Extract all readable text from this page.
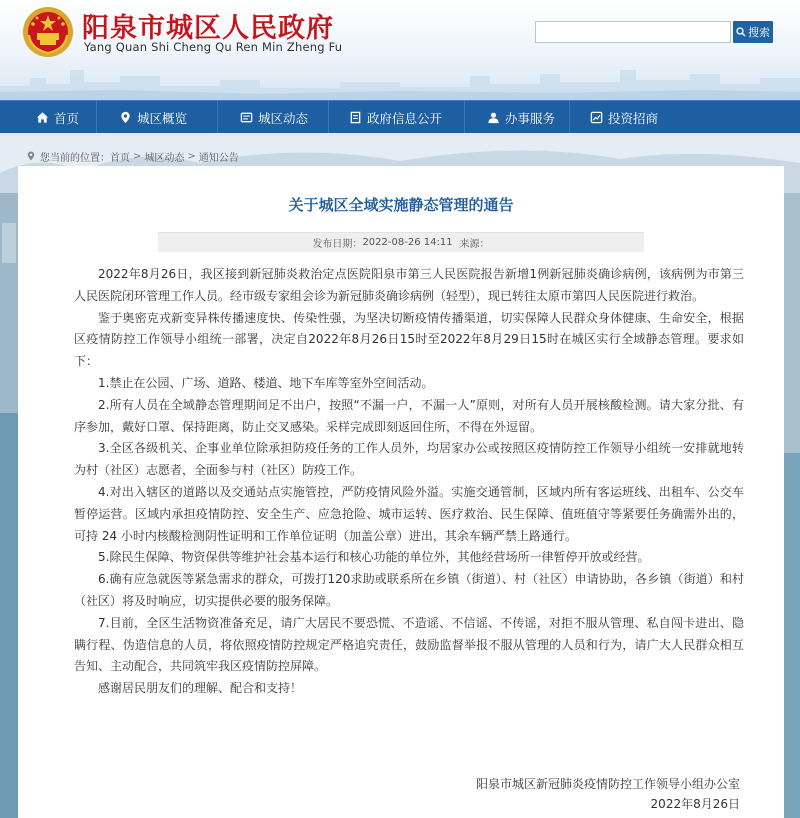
阳泉市城区人民政府
Yang Quan Shi Cheng Qu Ren Min Zheng Fu
搜索
首页	城区概览	城区动态	政府信息公开	办事服务	投资招商
您当前的位置： 首页 > 城区动态 > 通知公告
关于城区全域实施静态管理的通告
发布日期： 2022-08-26 14:11 来源：

2022年8月26日，我区接到新冠肺炎救治定点医院阳泉市第三人民医院报告新增1例新冠肺炎确诊病例，该病例为市第三人民医院闭环管理工作人员。经市级专家组会诊为新冠肺炎确诊病例（轻型），现已转往太原市第四人民医院进行救治。

鉴于奥密克戎新变异株传播速度快、传染性强，为坚决切断疫情传播渠道，切实保障人民群众身体健康、生命安全，根据区疫情防控工作领导小组统一部署，决定自2022年8月26日15时至2022年8月29日15时在城区实行全域静态管理。要求如下：

1.禁止在公园、广场、道路、楼道、地下车库等室外空间活动。

2.所有人员在全域静态管理期间足不出户，按照“不漏一户，不漏一人”原则，对所有人员开展核酸检测。请大家分批、有序参加，戴好口罩、保持距离，防止交叉感染。采样完成即刻返回住所，不得在外逗留。

3.全区各级机关、企事业单位除承担防疫任务的工作人员外，均居家办公或按照区疫情防控工作领导小组统一安排就地转为村（社区）志愿者，全面参与村（社区）防疫工作。

4.对出入辖区的道路以及交通站点实施管控，严防疫情风险外溢。实施交通管制，区域内所有客运班线、出租车、公交车暂停运营。区域内承担疫情防控、安全生产、应急抢险、城市运转、医疗救治、民生保障、值班值守等紧要任务确需外出的，可持 24 小时内核酸检测阴性证明和工作单位证明（加盖公章）进出，其余车辆严禁上路通行。

5.除民生保障、物资保供等维护社会基本运行和核心功能的单位外，其他经营场所一律暂停开放或经营。

6.确有应急就医等紧急需求的群众，可拨打120求助或联系所在乡镇（街道）、村（社区）申请协助，各乡镇（街道）和村（社区）将及时响应，切实提供必要的服务保障。

7.目前，全区生活物资准备充足，请广大居民不要恐慌、不造谣、不信谣、不传谣，对拒不服从管理、私自闯卡进出、隐瞒行程、伪造信息的人员，将依照疫情防控规定严格追究责任，鼓励监督举报不服从管理的人员和行为，请广大人民群众相互告知、主动配合，共同筑牢我区疫情防控屏障。

感谢居民朋友们的理解、配合和支持！

阳泉市城区新冠肺炎疫情防控工作领导小组办公室
2022年8月26日
